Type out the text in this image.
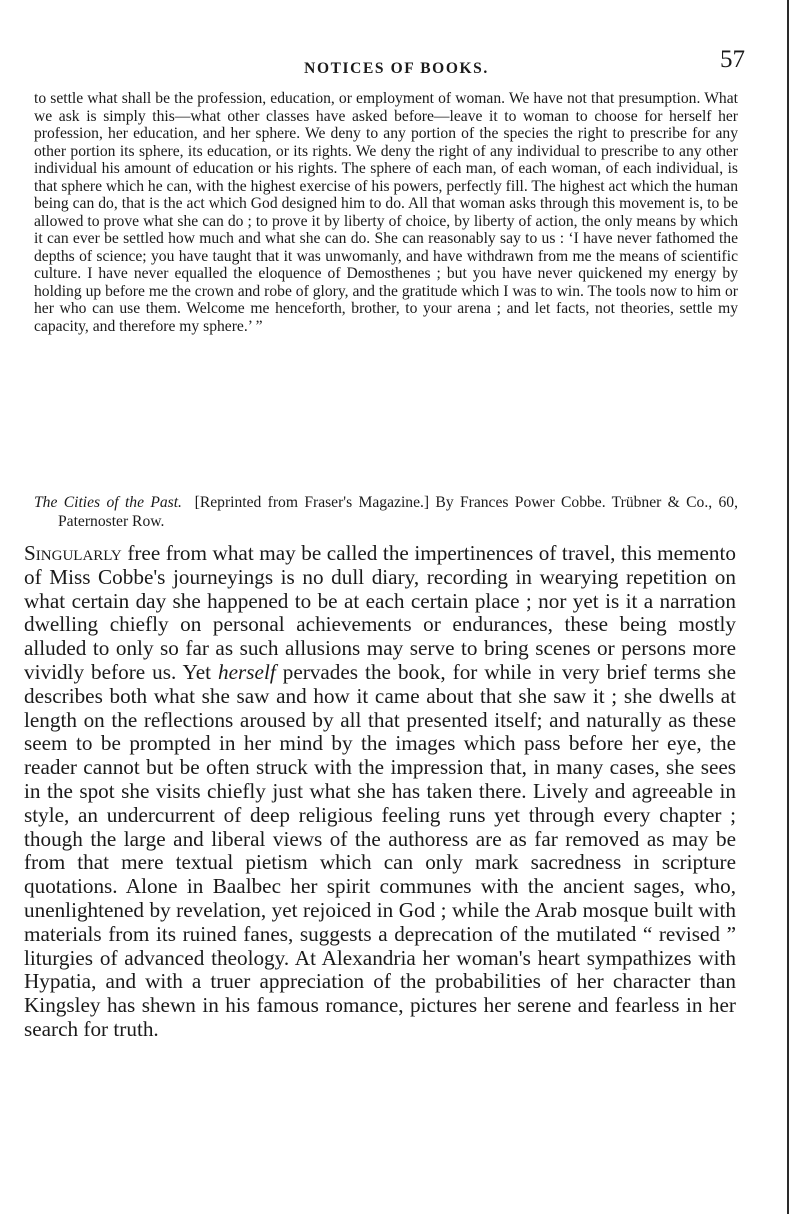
NOTICES OF BOOKS.	57

to settle what shall be the profession, education, or employment of woman. We have not that presumption. What we ask is simply this—what other classes have asked before—leave it to woman to choose for herself her profession, her education, and her sphere. We deny to any portion of the species the right to prescribe for any other portion its sphere, its education, or its rights. We deny the right of any individual to prescribe to any other individual his amount of education or his rights. The sphere of each man, of each woman, of each individual, is that sphere which he can, with the highest exercise of his powers, perfectly fill. The highest act which the human being can do, that is the act which God designed him to do. All that woman asks through this movement is, to be allowed to prove what she can do ; to prove it by liberty of choice, by liberty of action, the only means by which it can ever be settled how much and what she can do. She can reasonably say to us : ‘I have never fathomed the depths of science; you have taught that it was unwomanly, and have withdrawn from me the means of scientific culture. I have never equalled the eloquence of Demosthenes ; but you have never quickened my energy by holding up before me the crown and robe of glory, and the gratitude which I was to win. The tools now to him or her who can use them. Welcome me henceforth, brother, to your arena ; and let facts, not theories, settle my capacity, and therefore my sphere.’ ”

The Cities of the Past. [Reprinted from Fraser's Magazine.] By Frances Power Cobbe. Trübner & Co., 60, Paternoster Row.

Singularly free from what may be called the impertinences of travel, this memento of Miss Cobbe's journeyings is no dull diary, recording in wearying repetition on what certain day she happened to be at each certain place ; nor yet is it a narration dwelling chiefly on personal achievements or endurances, these being mostly alluded to only so far as such allusions may serve to bring scenes or persons more vividly before us. Yet herself pervades the book, for while in very brief terms she describes both what she saw and how it came about that she saw it ; she dwells at length on the reflections aroused by all that presented itself; and naturally as these seem to be prompted in her mind by the images which pass before her eye, the reader cannot but be often struck with the impression that, in many cases, she sees in the spot she visits chiefly just what she has taken there. Lively and agreeable in style, an undercurrent of deep religious feeling runs yet through every chapter ; though the large and liberal views of the authoress are as far removed as may be from that mere textual pietism which can only mark sacredness in scripture quotations. Alone in Baalbec her spirit communes with the ancient sages, who, unenlightened by revelation, yet rejoiced in God ; while the Arab mosque built with materials from its ruined fanes, suggests a deprecation of the mutilated “ revised ” liturgies of advanced theology. At Alexandria her woman's heart sympathizes with Hypatia, and with a truer appreciation of the probabilities of her character than Kingsley has shewn in his famous romance, pictures her serene and fearless in her search for truth.
